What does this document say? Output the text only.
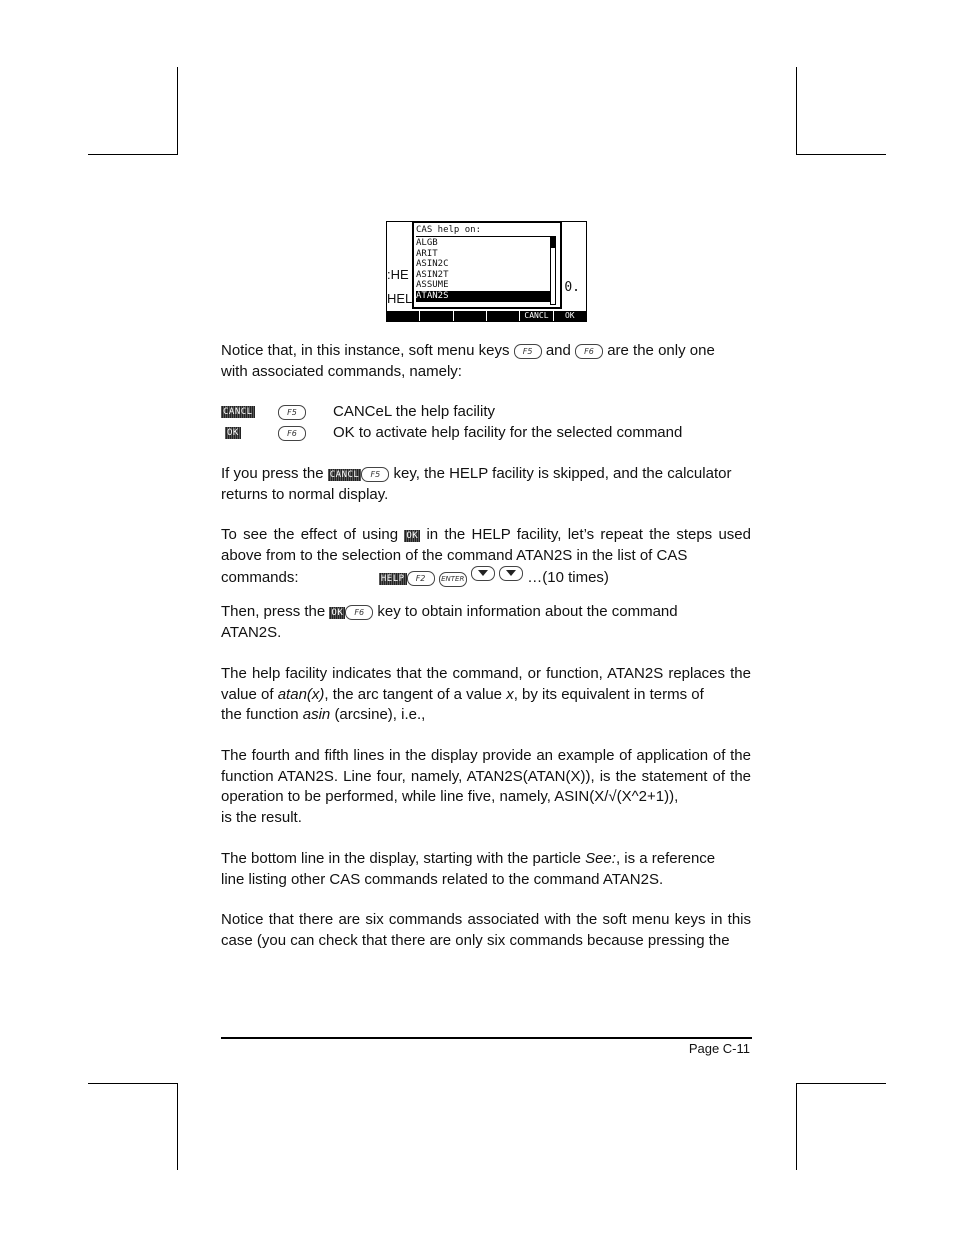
:HE
HEL
CAS help on:
ALGB
ARIT
ASIN2C
ASIN2T
ASSUME
ATAN2S
0.
CANCL	OK

Notice that, in this instance, soft menu keys F5 and F6 are the only one
with associated commands, namely:

CANCL	F5	CANCeL the help facility
OK	F6	OK to activate help facility for the selected command

If you press the CANCL F5 key, the HELP facility is skipped, and the calculator
returns to normal display.

To see the effect of using OK in the HELP facility, let’s repeat the steps used above from to the selection of the command ATAN2S in the list of CAS
commands:	HELP F2 ENTER	…(10 times)

Then, press the OK F6 key to obtain information about the command
ATAN2S.

The help facility indicates that the command, or function, ATAN2S replaces the value of atan(x), the arc tangent of a value x, by its equivalent in terms of
the function asin (arcsine), i.e.,

The fourth and fifth lines in the display provide an example of application of the function ATAN2S. Line four, namely, ATAN2S(ATAN(X)), is the statement of the operation to be performed, while line five, namely, ASIN(X/√(X^2+1)),
is the result.

The bottom line in the display, starting with the particle See:, is a reference
line listing other CAS commands related to the command ATAN2S.

Notice that there are six commands associated with the soft menu keys in this case (you can check that there are only six commands because pressing the

Page C-11
